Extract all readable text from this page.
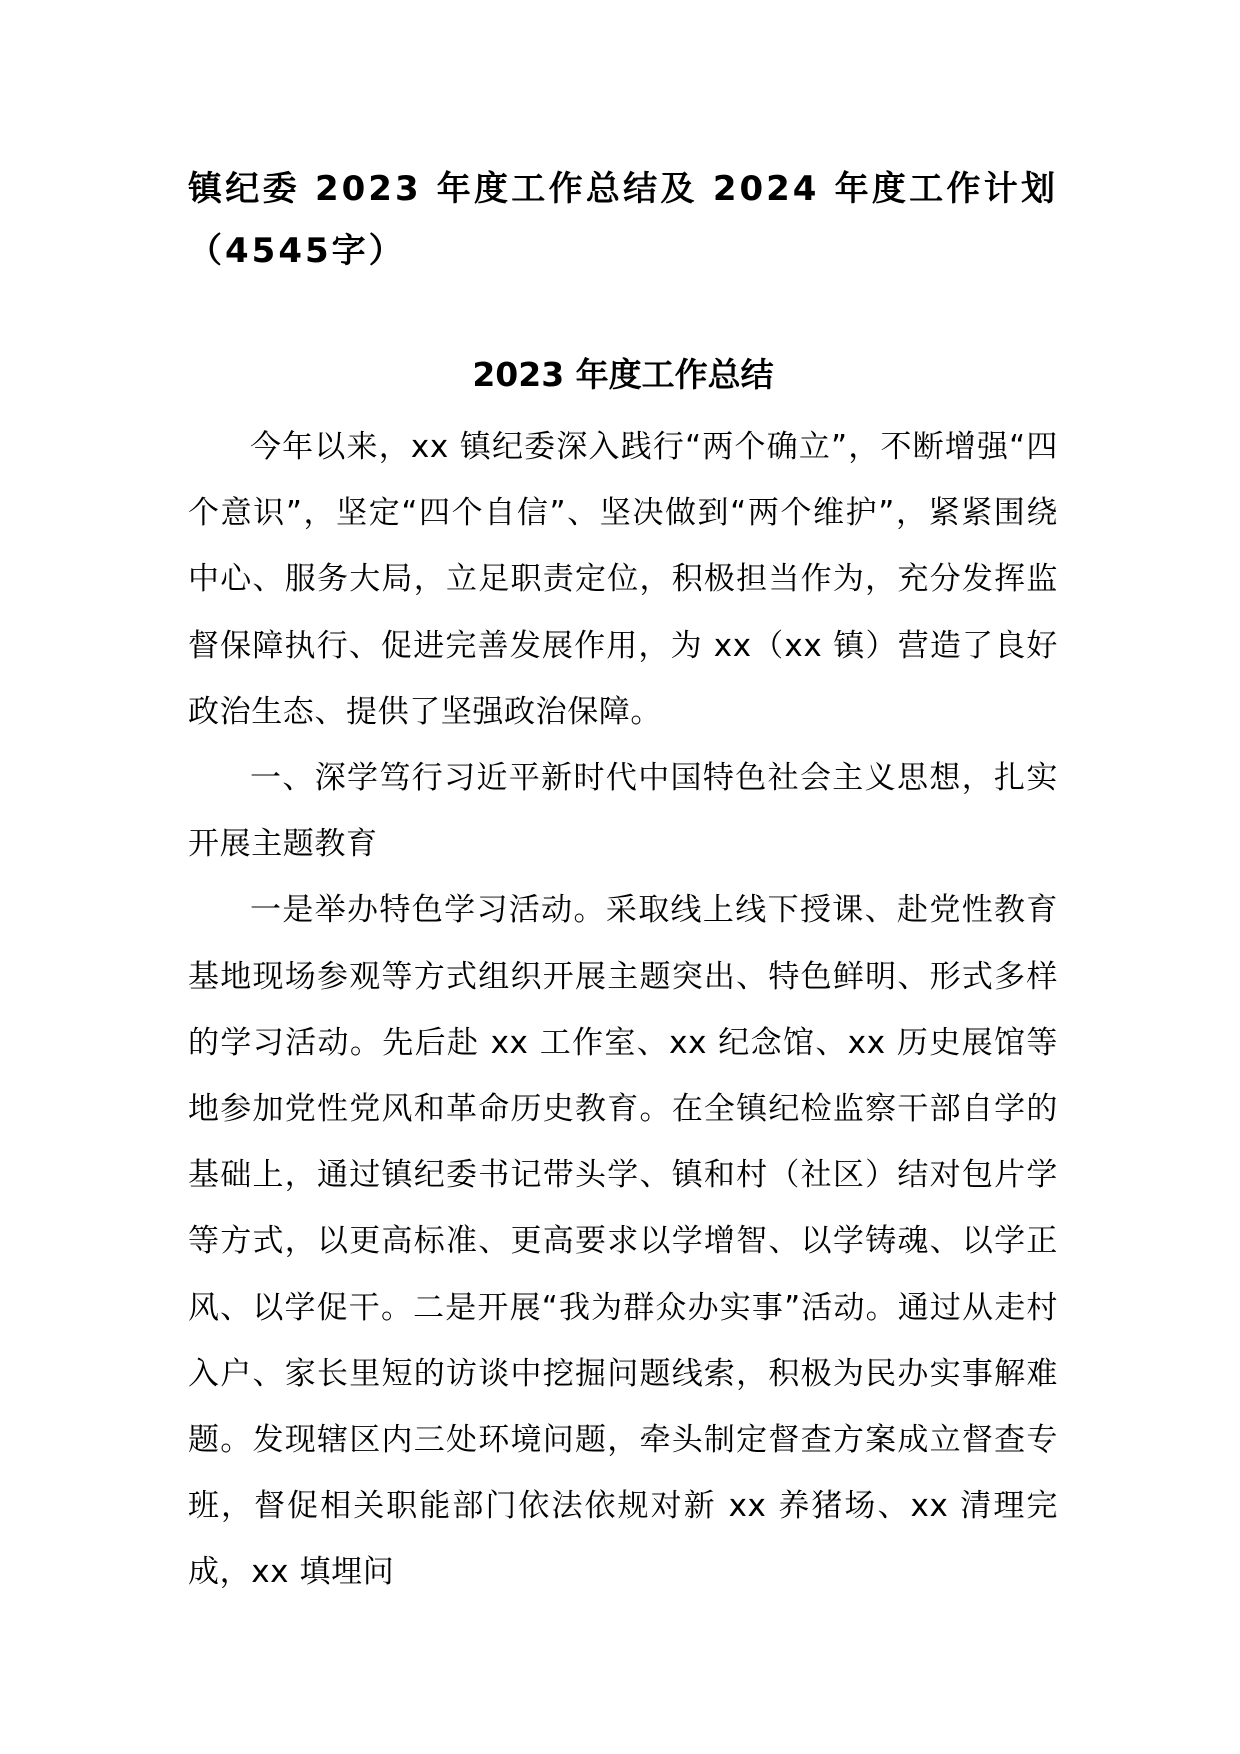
镇纪委 2023 年度工作总结及 2024 年度工作计划（4545字）
2023 年度工作总结

今年以来，xx 镇纪委深入践行“两个确立”，不断增强“四个意识”，坚定“四个自信”、坚决做到“两个维护”，紧紧围绕中心、服务大局，立足职责定位，积极担当作为，充分发挥监督保障执行、促进完善发展作用，为 xx（xx 镇）营造了良好政治生态、提供了坚强政治保障。

一、深学笃行习近平新时代中国特色社会主义思想，扎实开展主题教育

一是举办特色学习活动。采取线上线下授课、赴党性教育基地现场参观等方式组织开展主题突出、特色鲜明、形式多样的学习活动。先后赴 xx 工作室、xx 纪念馆、xx 历史展馆等地参加党性党风和革命历史教育。在全镇纪检监察干部自学的基础上，通过镇纪委书记带头学、镇和村（社区）结对包片学等方式，以更高标准、更高要求以学增智、以学铸魂、以学正风、以学促干。二是开展“我为群众办实事”活动。通过从走村入户、家长里短的访谈中挖掘问题线索，积极为民办实事解难题。发现辖区内三处环境问题，牵头制定督查方案成立督查专班，督促相关职能部门依法依规对新 xx 养猪场、xx 清理完成，xx 填埋问
